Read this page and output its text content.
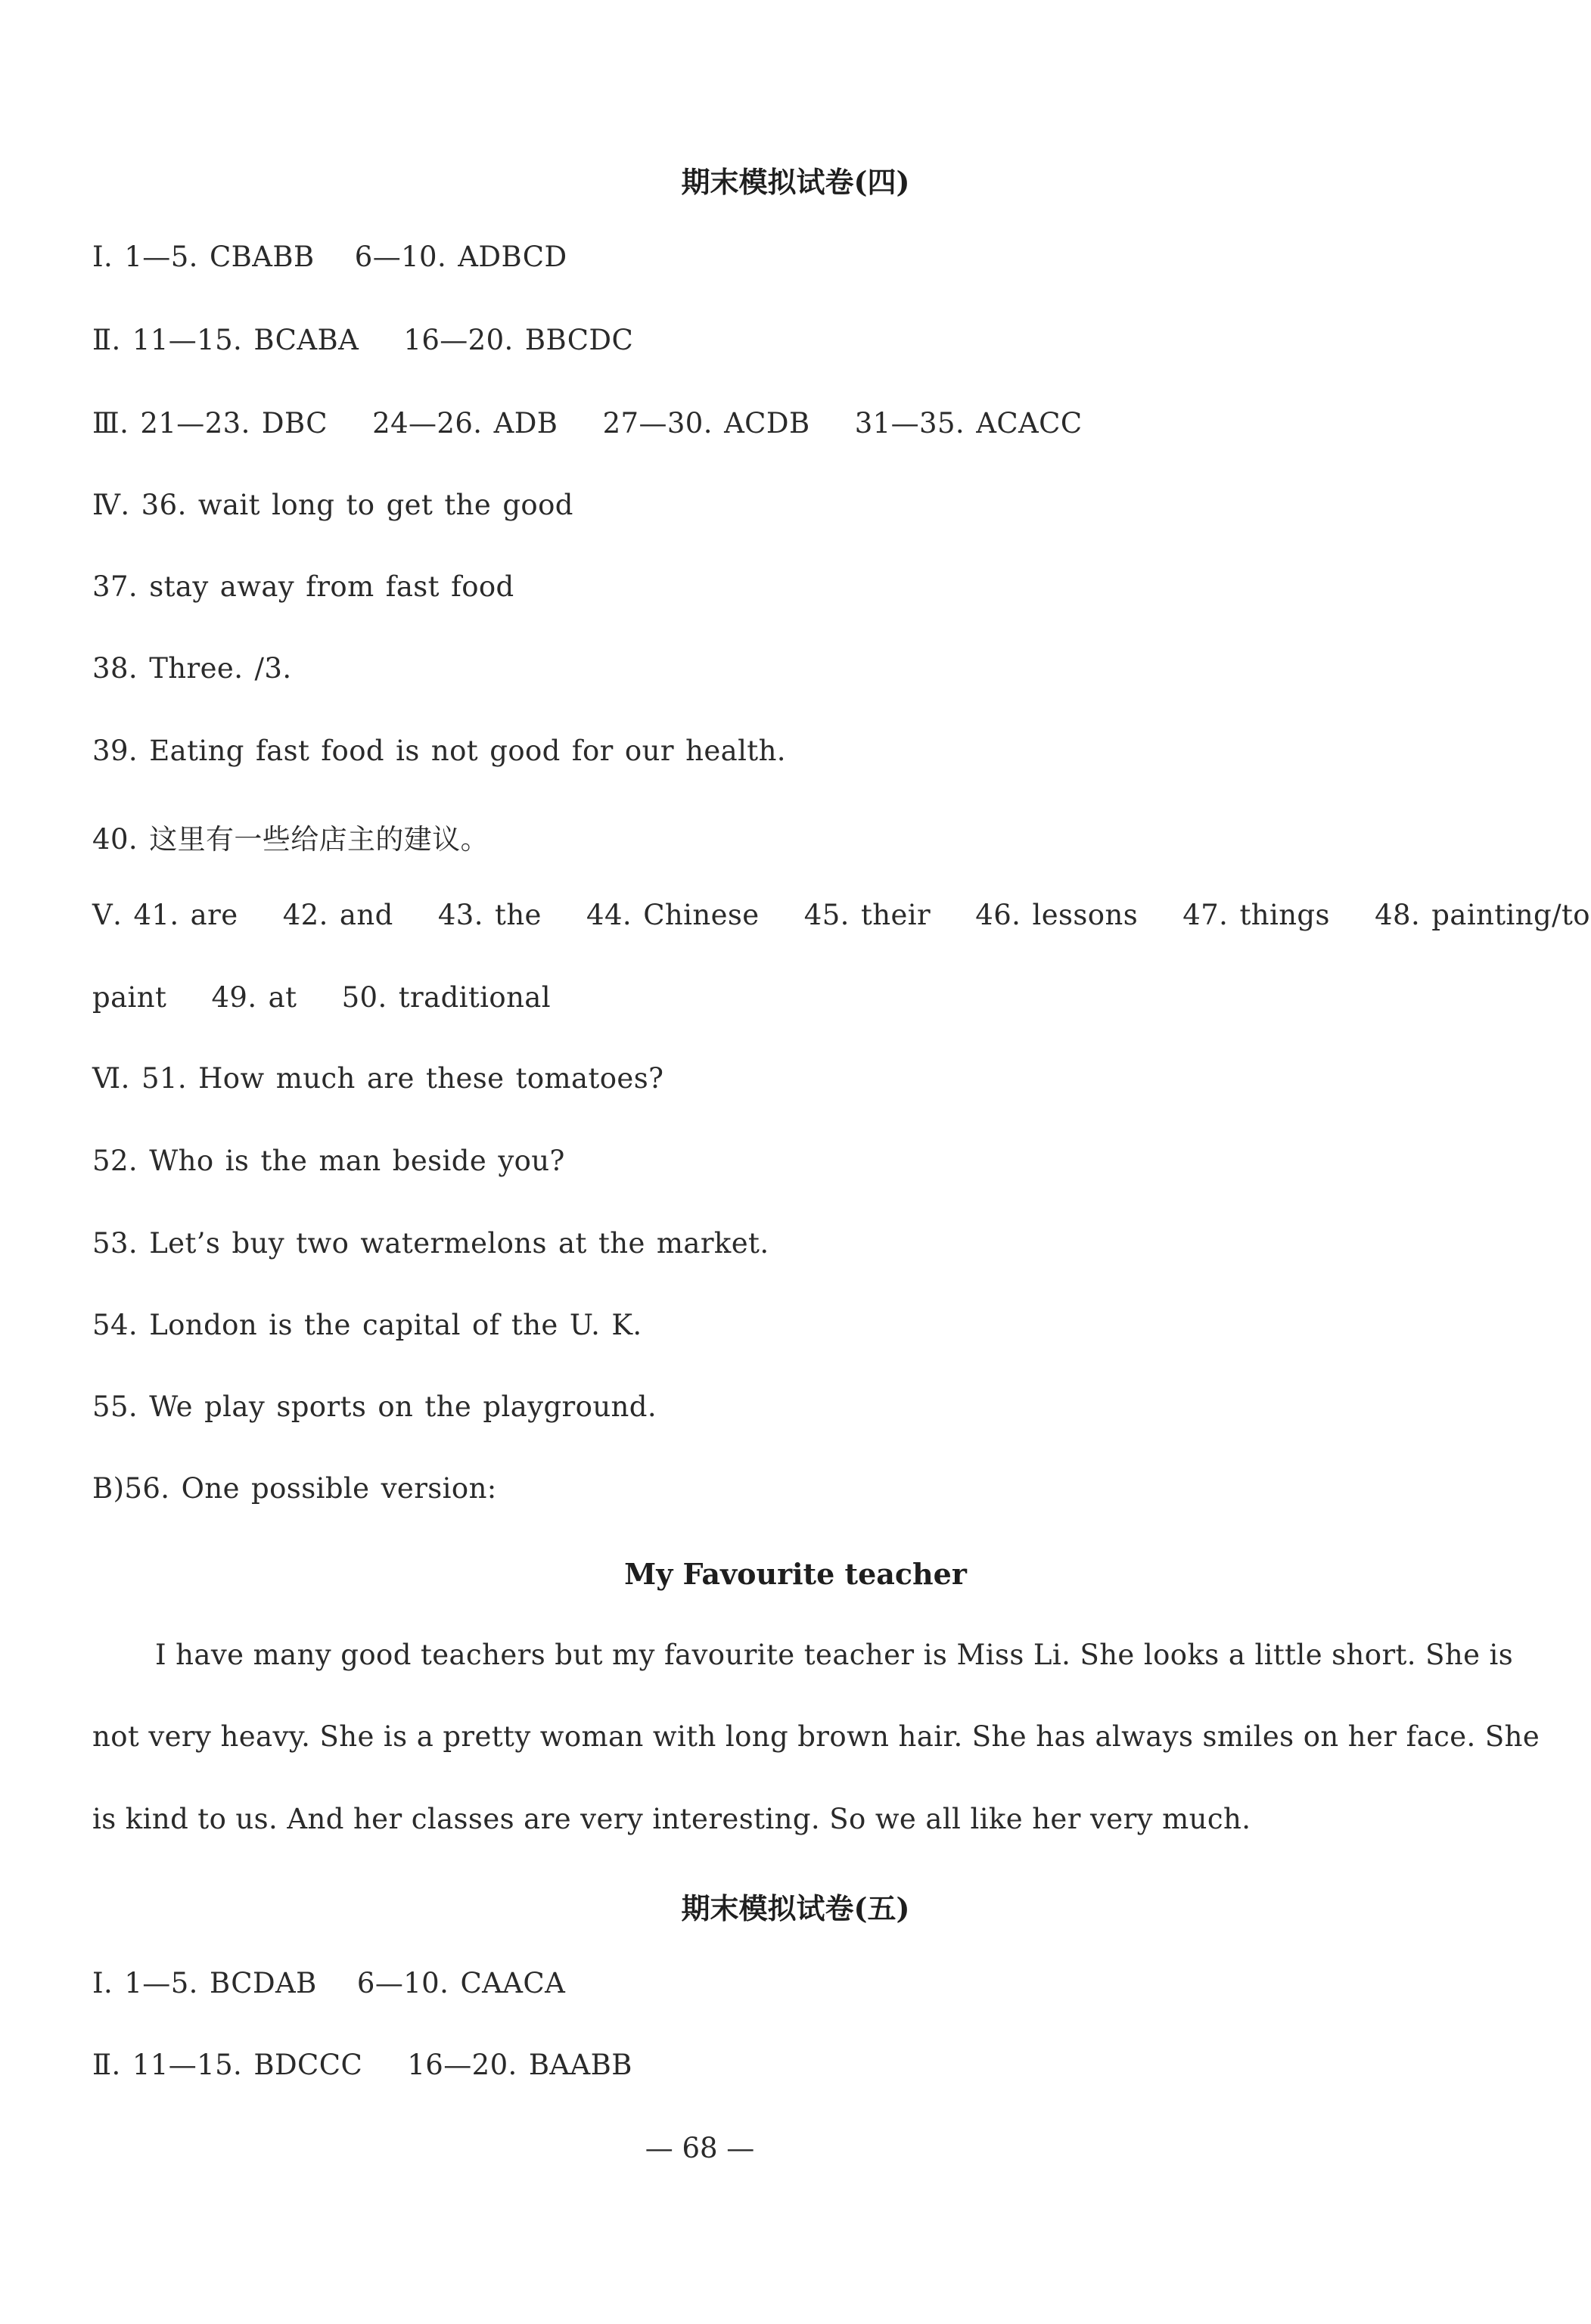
期末模拟试卷(四)
Ⅰ. 1—5. CBABB 6—10. ADBCD
Ⅱ. 11—15. BCABA 16—20. BBCDC
Ⅲ. 21—23. DBC 24—26. ADB 27—30. ACDB 31—35. ACACC
Ⅳ. 36. wait long to get the good
37. stay away from fast food
38. Three. /3.
39. Eating fast food is not good for our health.
40. 这里有一些给店主的建议。
Ⅴ. 41. are 42. and 43. the 44. Chinese 45. their 46. lessons 47. things 48. painting/to
paint 49. at 50. traditional
Ⅵ. 51. How much are these tomatoes?
52. Who is the man beside you?
53. Let’s buy two watermelons at the market.
54. London is the capital of the U. K.
55. We play sports on the playground.
B)56. One possible version:
My Favourite teacher
I have many good teachers but my favourite teacher is Miss Li. She looks a little short. She is
not very heavy. She is a pretty woman with long brown hair. She has always smiles on her face. She
is kind to us. And her classes are very interesting. So we all like her very much.
期末模拟试卷(五)
Ⅰ. 1—5. BCDAB 6—10. CAACA
Ⅱ. 11—15. BDCCC 16—20. BAABB
— 68 —
